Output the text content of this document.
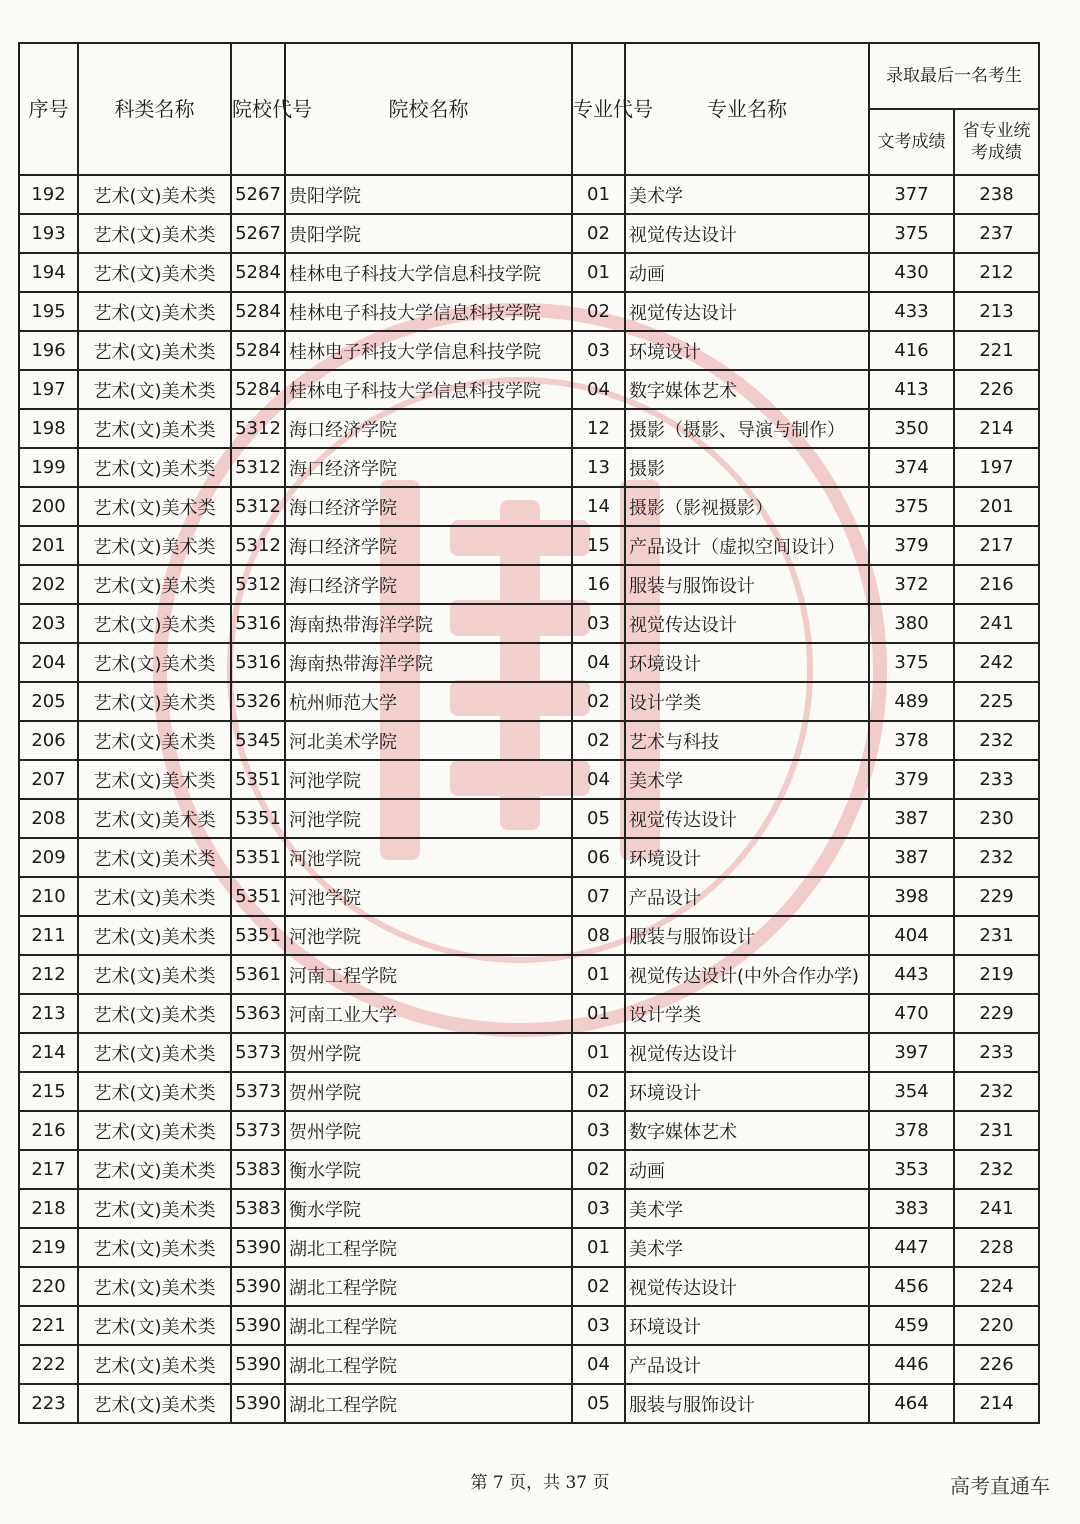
序号	科类名称	院校代号	院校名称	专业代号	专业名称	录取最后一名考生	
						文考成绩	省专业统考成绩
192	艺术(文)美术类	5267	贵阳学院	01	美术学	377	238
193	艺术(文)美术类	5267	贵阳学院	02	视觉传达设计	375	237
194	艺术(文)美术类	5284	桂林电子科技大学信息科技学院	01	动画	430	212
195	艺术(文)美术类	5284	桂林电子科技大学信息科技学院	02	视觉传达设计	433	213
196	艺术(文)美术类	5284	桂林电子科技大学信息科技学院	03	环境设计	416	221
197	艺术(文)美术类	5284	桂林电子科技大学信息科技学院	04	数字媒体艺术	413	226
198	艺术(文)美术类	5312	海口经济学院	12	摄影（摄影、导演与制作）	350	214
199	艺术(文)美术类	5312	海口经济学院	13	摄影	374	197
200	艺术(文)美术类	5312	海口经济学院	14	摄影（影视摄影）	375	201
201	艺术(文)美术类	5312	海口经济学院	15	产品设计（虚拟空间设计）	379	217
202	艺术(文)美术类	5312	海口经济学院	16	服装与服饰设计	372	216
203	艺术(文)美术类	5316	海南热带海洋学院	03	视觉传达设计	380	241
204	艺术(文)美术类	5316	海南热带海洋学院	04	环境设计	375	242
205	艺术(文)美术类	5326	杭州师范大学	02	设计学类	489	225
206	艺术(文)美术类	5345	河北美术学院	02	艺术与科技	378	232
207	艺术(文)美术类	5351	河池学院	04	美术学	379	233
208	艺术(文)美术类	5351	河池学院	05	视觉传达设计	387	230
209	艺术(文)美术类	5351	河池学院	06	环境设计	387	232
210	艺术(文)美术类	5351	河池学院	07	产品设计	398	229
211	艺术(文)美术类	5351	河池学院	08	服装与服饰设计	404	231
212	艺术(文)美术类	5361	河南工程学院	01	视觉传达设计(中外合作办学)	443	219
213	艺术(文)美术类	5363	河南工业大学	01	设计学类	470	229
214	艺术(文)美术类	5373	贺州学院	01	视觉传达设计	397	233
215	艺术(文)美术类	5373	贺州学院	02	环境设计	354	232
216	艺术(文)美术类	5373	贺州学院	03	数字媒体艺术	378	231
217	艺术(文)美术类	5383	衡水学院	02	动画	353	232
218	艺术(文)美术类	5383	衡水学院	03	美术学	383	241
219	艺术(文)美术类	5390	湖北工程学院	01	美术学	447	228
220	艺术(文)美术类	5390	湖北工程学院	02	视觉传达设计	456	224
221	艺术(文)美术类	5390	湖北工程学院	03	环境设计	459	220
222	艺术(文)美术类	5390	湖北工程学院	04	产品设计	446	226
223	艺术(文)美术类	5390	湖北工程学院	05	服装与服饰设计	464	214
第 7 页，共 37 页	高考直通车
